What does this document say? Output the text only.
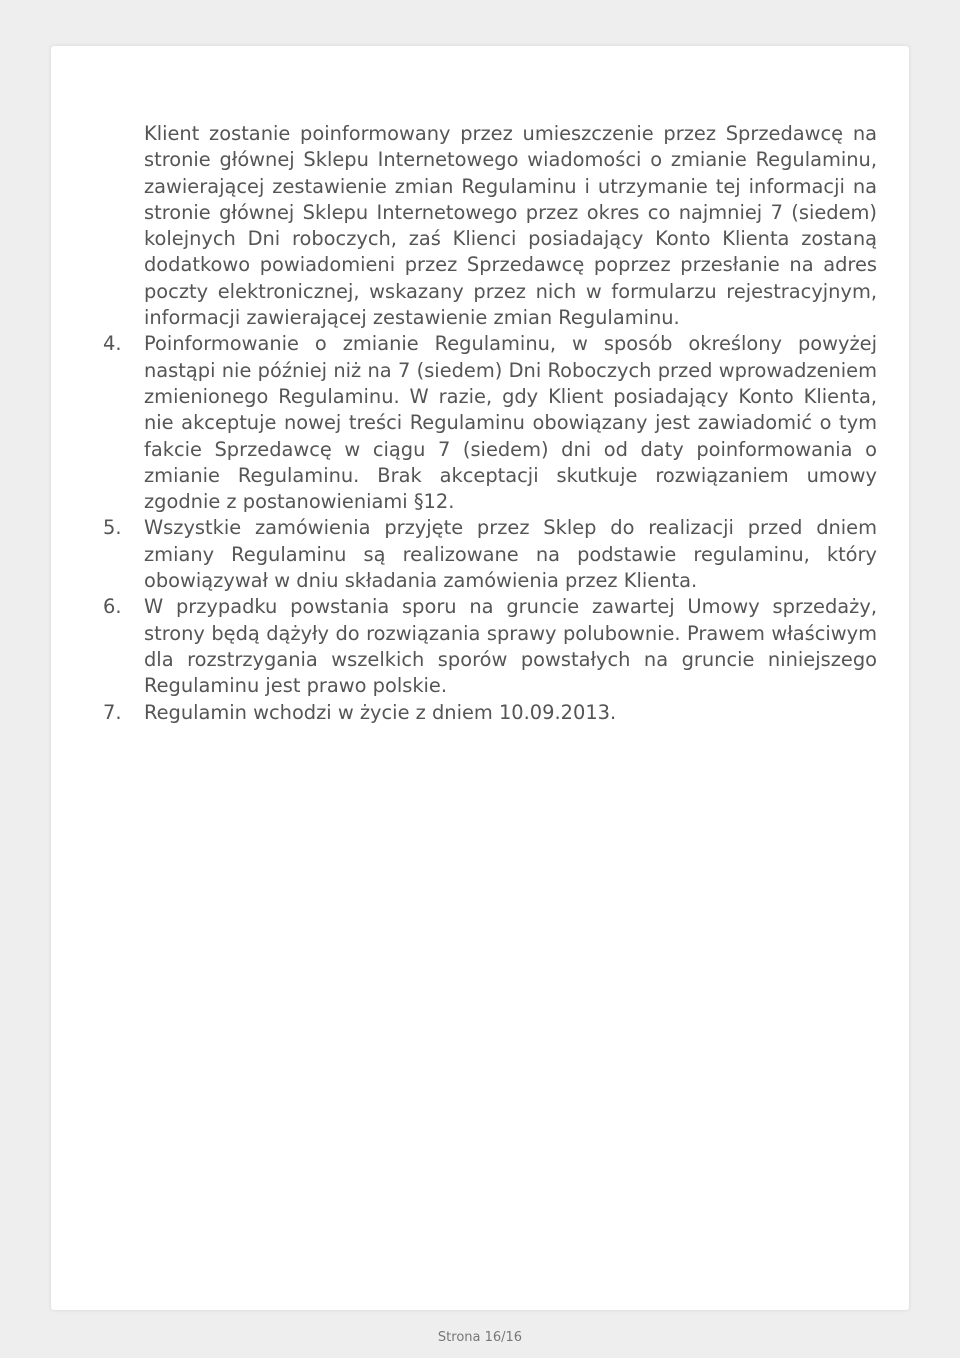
Klient zostanie poinformowany przez umieszczenie przez Sprzedawcę na stronie głównej Sklepu Internetowego wiadomości o zmianie Regulaminu, zawierającej zestawienie zmian Regulaminu i utrzymanie tej informacji na stronie głównej Sklepu Internetowego przez okres co najmniej 7 (siedem) kolejnych Dni roboczych, zaś Klienci posiadający Konto Klienta zostaną dodatkowo powiadomieni przez Sprzedawcę poprzez przesłanie na adres poczty elektronicznej, wskazany przez nich w formularzu rejestracyjnym, informacji zawierającej zestawienie zmian Regulaminu.

4.	Poinformowanie o zmianie Regulaminu, w sposób określony powyżej nastąpi nie później niż na 7 (siedem) Dni Roboczych przed wprowadzeniem zmienionego Regulaminu. W razie, gdy Klient posiadający Konto Klienta, nie akceptuje nowej treści Regulaminu obowiązany jest zawiadomić o tym fakcie Sprzedawcę w ciągu 7 (siedem) dni od daty poinformowania o zmianie Regulaminu. Brak akceptacji skutkuje rozwiązaniem umowy zgodnie z postanowieniami §12.

5.	Wszystkie zamówienia przyjęte przez Sklep do realizacji przed dniem zmiany Regulaminu są realizowane na podstawie regulaminu, który obowiązywał w dniu składania zamówienia przez Klienta.

6.	W przypadku powstania sporu na gruncie zawartej Umowy sprzedaży, strony będą dążyły do rozwiązania sprawy polubownie. Prawem właściwym dla rozstrzygania wszelkich sporów powstałych na gruncie niniejszego Regulaminu jest prawo polskie.

7.	Regulamin wchodzi w życie z dniem 10.09.2013.

Strona 16/16
